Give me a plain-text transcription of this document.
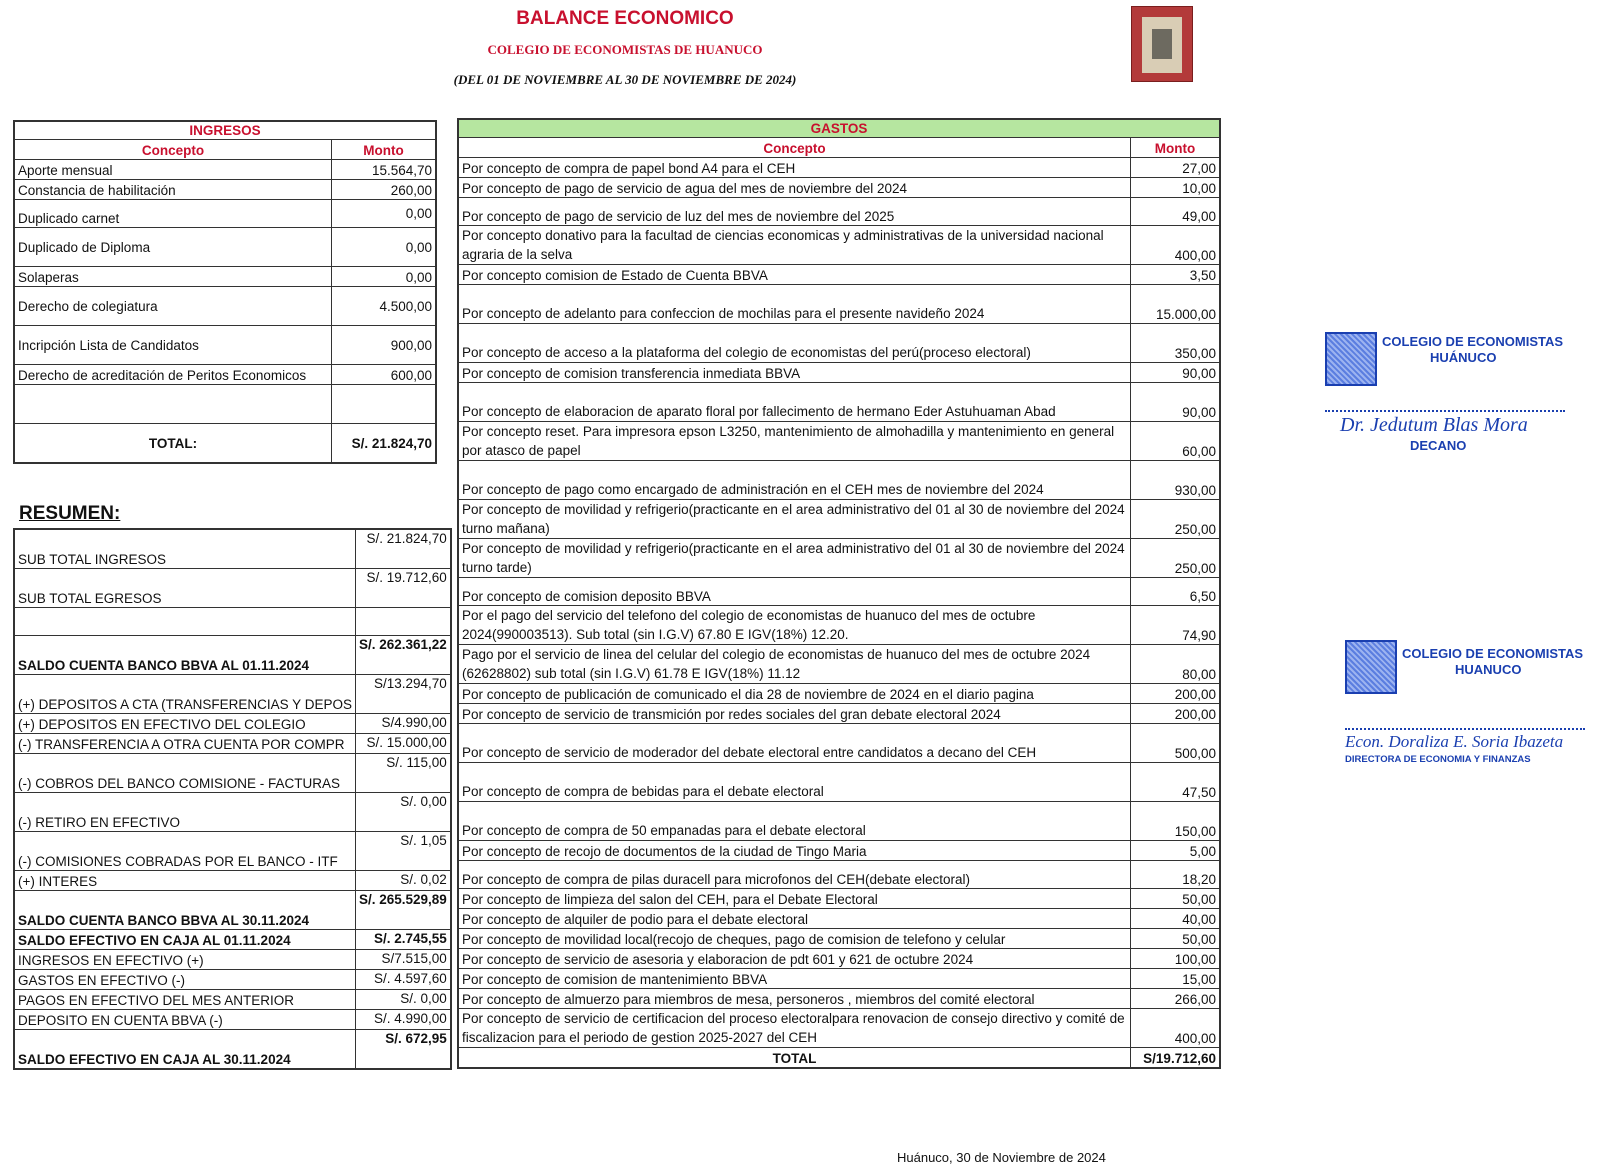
BALANCE ECONOMICO
COLEGIO DE ECONOMISTAS DE HUANUCO
(DEL 01 DE NOVIEMBRE AL 30 DE NOVIEMBRE DE 2024)
INGRESOS	
Concepto	Monto
Aporte mensual	15.564,70
Constancia de habilitación	260,00
Duplicado carnet	0,00
Duplicado de Diploma	0,00
Solaperas	0,00
Derecho de colegiatura	4.500,00
Incripción Lista de Candidatos	900,00
Derecho de acreditación de Peritos Economicos	600,00

TOTAL:	S/. 21.824,70
GASTOS	
Concepto	Monto
Por concepto de compra de papel bond A4 para el CEH	27,00
Por concepto de pago de servicio de agua del mes de noviembre del 2024	10,00
Por concepto de pago de servicio de luz del mes de noviembre del 2025	49,00
Por concepto donativo para la facultad de ciencias economicas y administrativas de la universidad nacional agraria de la selva	400,00
Por concepto comision de Estado de Cuenta BBVA	3,50
Por concepto de adelanto para confeccion de mochilas para el presente navideño 2024	15.000,00
Por concepto de acceso a la plataforma del colegio de economistas del perú(proceso electoral)	350,00
Por concepto de comision transferencia inmediata BBVA	90,00
Por concepto de elaboracion de aparato floral por fallecimento de hermano Eder Astuhuaman Abad	90,00
Por concepto reset. Para impresora epson L3250, mantenimiento de almohadilla y mantenimiento en general por atasco de papel	60,00
Por concepto de pago como encargado de administración en el CEH mes de noviembre del 2024	930,00
Por concepto de movilidad y refrigerio(practicante en el area administrativo del 01 al 30 de noviembre del 2024 turno mañana)	250,00
Por concepto de movilidad y refrigerio(practicante en el area administrativo del 01 al 30 de noviembre del 2024 turno tarde)	250,00
Por concepto de comision deposito BBVA	6,50
Por el pago del servicio del telefono del colegio de economistas de huanuco del mes de octubre 2024(990003513). Sub total (sin I.G.V) 67.80 E IGV(18%) 12.20.	74,90
Pago por el servicio de linea del celular del colegio de economistas de huanuco del mes de octubre 2024 (62628802) sub total (sin I.G.V) 61.78 E IGV(18%) 11.12	80,00
Por concepto de publicación de comunicado el dia 28 de noviembre de 2024 en el diario pagina	200,00
Por concepto de servicio de transmición por redes sociales del gran debate electoral 2024	200,00
Por concepto de servicio de moderador del debate electoral entre candidatos a decano del CEH	500,00
Por concepto de compra de bebidas para el debate electoral	47,50
Por concepto de compra de 50 empanadas para el debate electoral	150,00
Por concepto de recojo de documentos de la ciudad de Tingo Maria	5,00
Por concepto de compra de pilas duracell para microfonos del CEH(debate electoral)	18,20
Por concepto de limpieza del salon del CEH, para el Debate Electoral	50,00
Por concepto de alquiler de podio para el debate electoral	40,00
Por concepto de movilidad local(recojo de cheques, pago de comision de telefono y celular	50,00
Por concepto de servicio de asesoria y elaboracion de pdt 601 y 621 de octubre 2024	100,00
Por concepto de comision de mantenimiento BBVA	15,00
Por concepto de almuerzo para miembros de mesa, personeros , miembros del comité electoral	266,00
Por concepto de servicio de certificacion del proceso electoralpara renovacion de consejo directivo y comité de fiscalizacion para el periodo de gestion 2025-2027 del CEH	400,00
TOTAL	S/19.712,60
RESUMEN:
SUB TOTAL INGRESOS	S/. 21.824,70
SUB TOTAL EGRESOS	S/. 19.712,60

SALDO CUENTA BANCO BBVA AL 01.11.2024	S/. 262.361,22
(+) DEPOSITOS A CTA (TRANSFERENCIAS Y DEPOS	S/13.294,70
(+) DEPOSITOS EN EFECTIVO DEL COLEGIO	S/4.990,00
(-) TRANSFERENCIA A OTRA CUENTA POR COMPR	S/. 15.000,00
(-) COBROS DEL BANCO COMISIONE - FACTURAS	S/. 115,00
(-) RETIRO EN EFECTIVO	S/. 0,00
(-) COMISIONES COBRADAS POR EL BANCO - ITF	S/. 1,05
(+) INTERES	S/. 0,02
SALDO CUENTA BANCO BBVA AL 30.11.2024	S/. 265.529,89
SALDO EFECTIVO EN CAJA AL 01.11.2024	S/. 2.745,55
INGRESOS EN EFECTIVO (+)	S/7.515,00
GASTOS EN EFECTIVO (-)	S/. 4.597,60
PAGOS EN EFECTIVO DEL MES ANTERIOR	S/. 0,00
DEPOSITO EN CUENTA BBVA (-)	S/. 4.990,00
SALDO EFECTIVO EN CAJA AL 30.11.2024	S/. 672,95
COLEGIO DE ECONOMISTAS
HUÁNUCO
Dr. Jedutum Blas Mora
DECANO
COLEGIO DE ECONOMISTAS
HUANUCO
Econ. Doraliza E. Soria Ibazeta
DIRECTORA DE ECONOMIA Y FINANZAS
Huánuco, 30 de Noviembre de 2024
